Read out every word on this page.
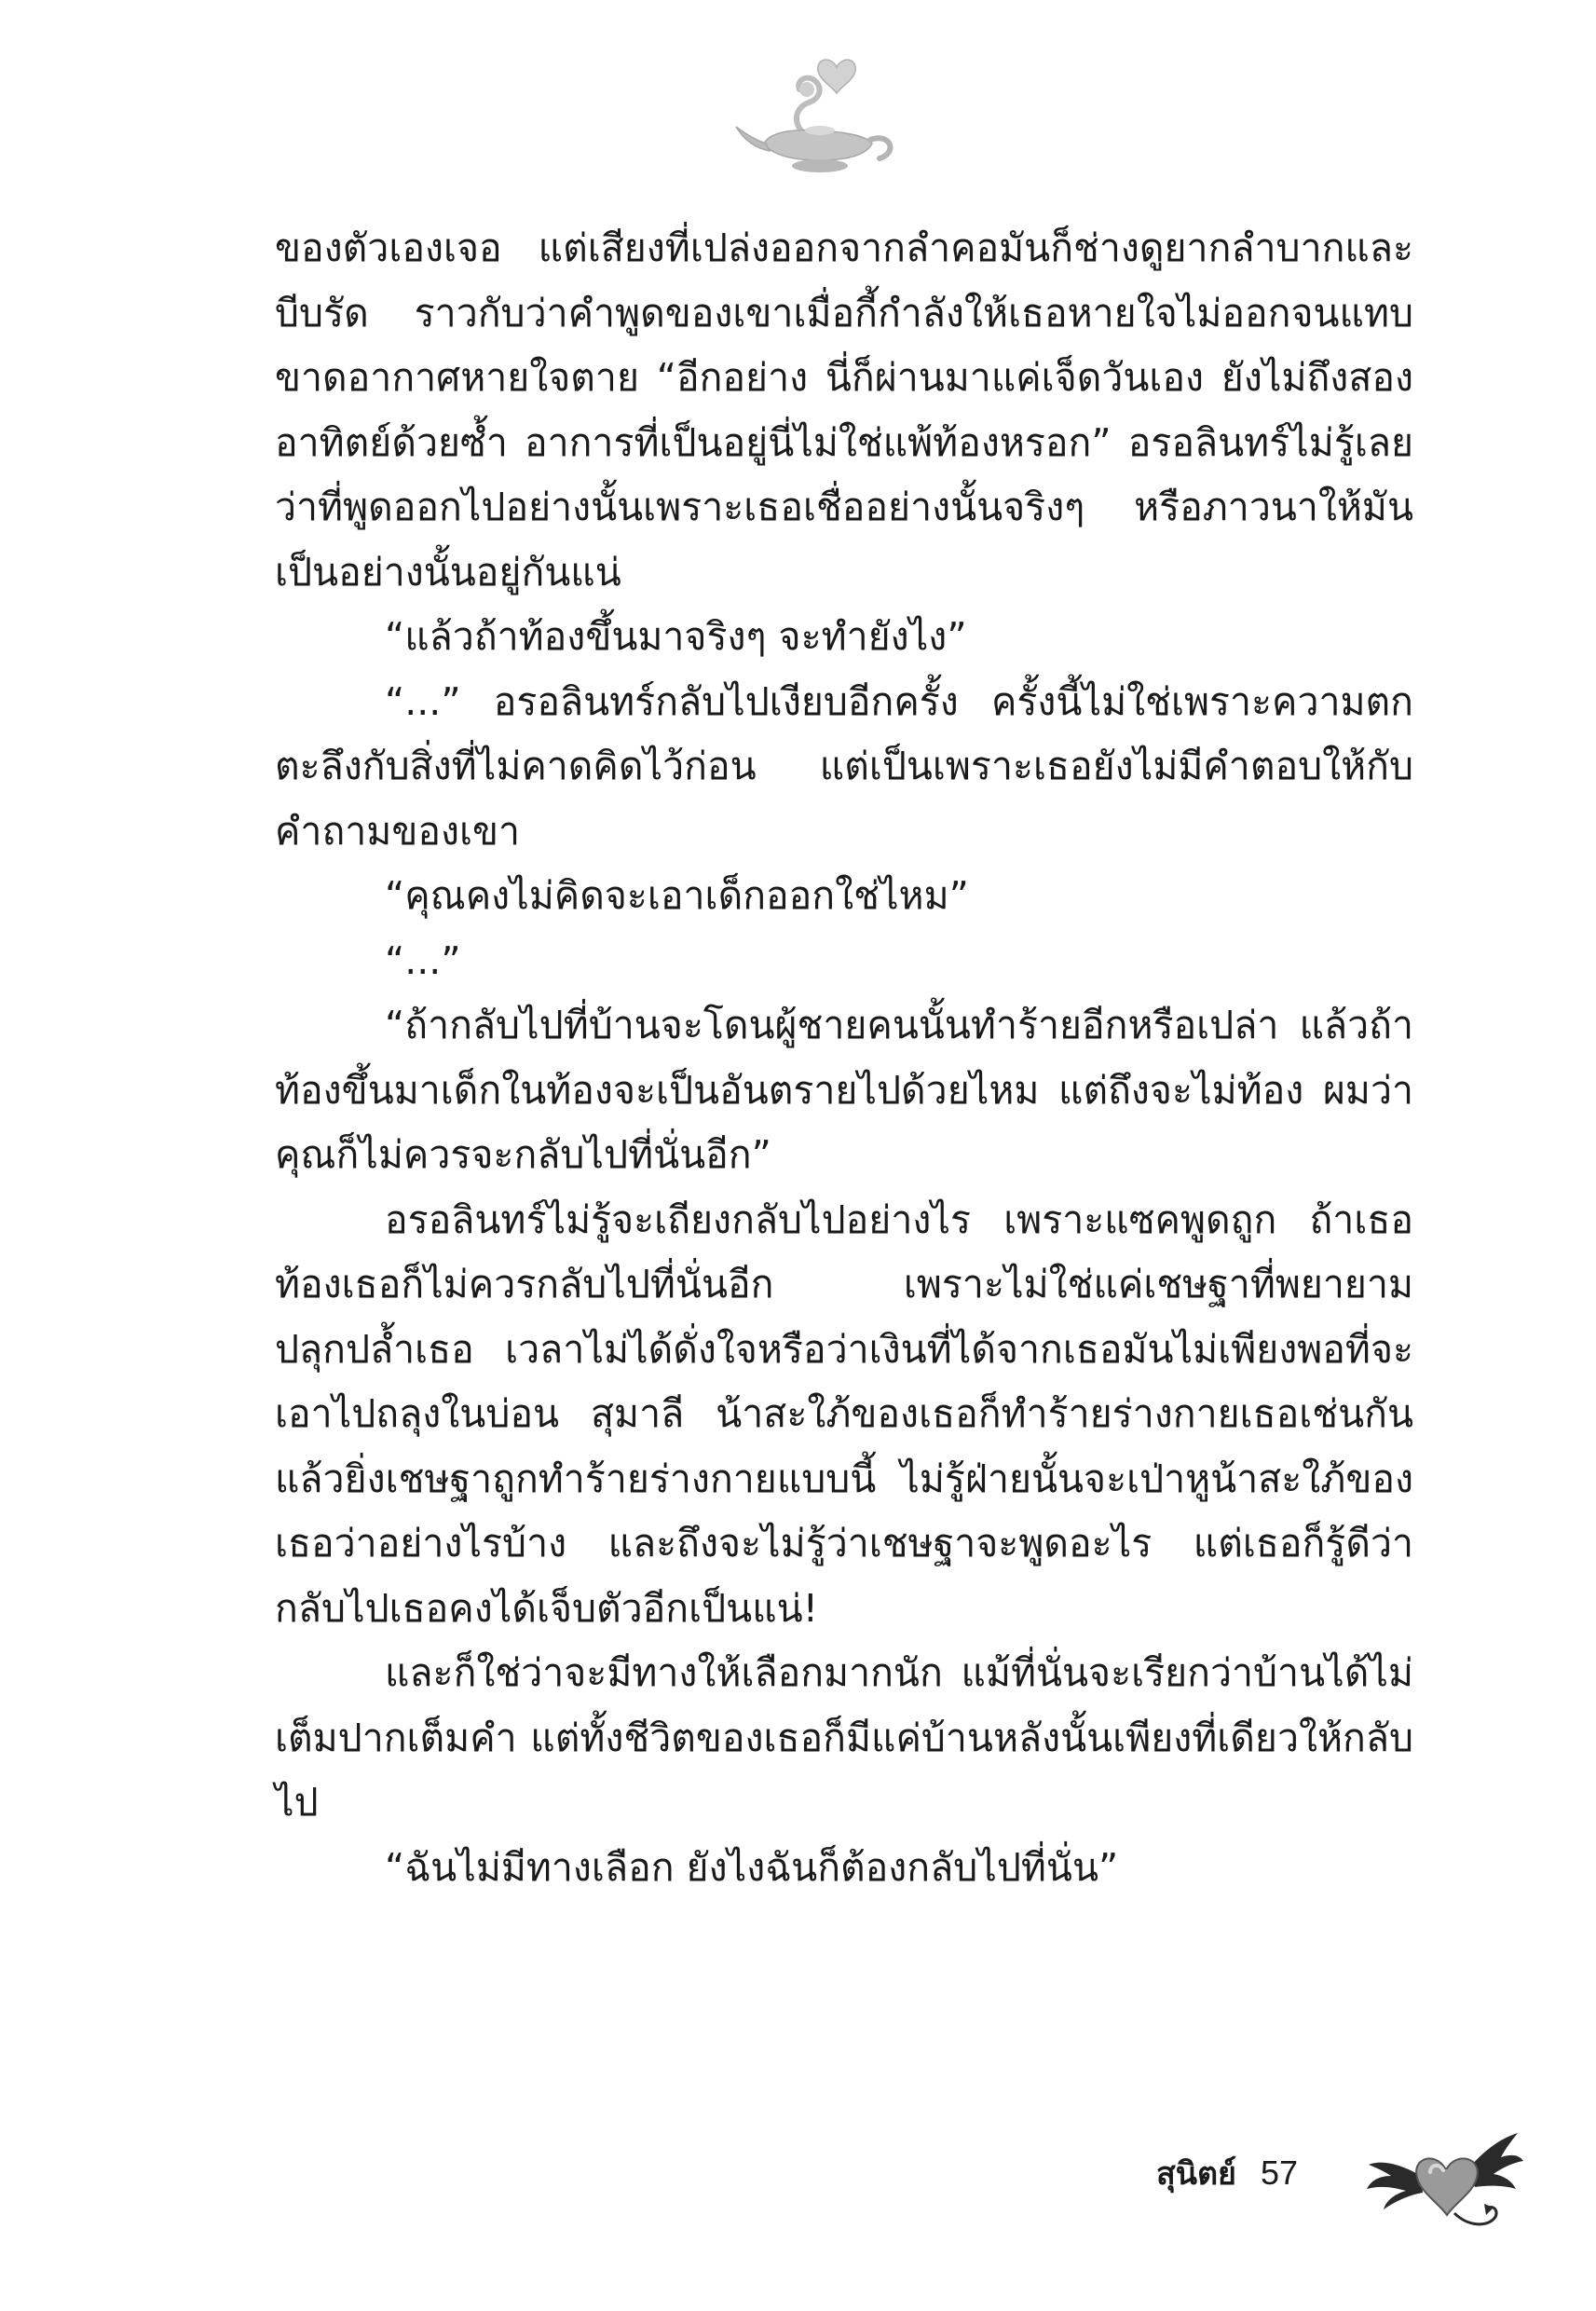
ของตัวเองเจอ แต่เสียงที่เปล่งออกจากลำคอมันก็ช่างดูยากลำบากและบีบรัด ราวกับว่าคำพูดของเขาเมื่อกี้กำลังให้เธอหายใจไม่ออกจนแทบขาดอากาศหายใจตาย “อีกอย่าง นี่ก็ผ่านมาแค่เจ็ดวันเอง ยังไม่ถึงสองอาทิตย์ด้วยซ้ำ อาการที่เป็นอยู่นี่ไม่ใช่แพ้ท้องหรอก” อรอลินทร์ไม่รู้เลยว่าที่พูดออกไปอย่างนั้นเพราะเธอเชื่ออย่างนั้นจริงๆ หรือภาวนาให้มันเป็นอย่างนั้นอยู่กันแน่

“แล้วถ้าท้องขึ้นมาจริงๆ จะทำยังไง”

“...” อรอลินทร์กลับไปเงียบอีกครั้ง ครั้งนี้ไม่ใช่เพราะความตกตะลึงกับสิ่งที่ไม่คาดคิดไว้ก่อน แต่เป็นเพราะเธอยังไม่มีคำตอบให้กับคำถามของเขา

“คุณคงไม่คิดจะเอาเด็กออกใช่ไหม”

“...”

“ถ้ากลับไปที่บ้านจะโดนผู้ชายคนนั้นทำร้ายอีกหรือเปล่า แล้วถ้าท้องขึ้นมาเด็กในท้องจะเป็นอันตรายไปด้วยไหม แต่ถึงจะไม่ท้อง ผมว่าคุณก็ไม่ควรจะกลับไปที่นั่นอีก”

อรอลินทร์ไม่รู้จะเถียงกลับไปอย่างไร เพราะแซคพูดถูก ถ้าเธอท้องเธอก็ไม่ควรกลับไปที่นั่นอีก เพราะไม่ใช่แค่เชษฐาที่พยายามปลุกปล้ำเธอ เวลาไม่ได้ดั่งใจหรือว่าเงินที่ได้จากเธอมันไม่เพียงพอที่จะเอาไปถลุงในบ่อน สุมาลี น้าสะใภ้ของเธอก็ทำร้ายร่างกายเธอเช่นกัน แล้วยิ่งเชษฐาถูกทำร้ายร่างกายแบบนี้ ไม่รู้ฝ่ายนั้นจะเป่าหูน้าสะใภ้ของเธอว่าอย่างไรบ้าง และถึงจะไม่รู้ว่าเชษฐาจะพูดอะไร แต่เธอก็รู้ดีว่ากลับไปเธอคงได้เจ็บตัวอีกเป็นแน่!

และก็ใช่ว่าจะมีทางให้เลือกมากนัก แม้ที่นั่นจะเรียกว่าบ้านได้ไม่เต็มปากเต็มคำ แต่ทั้งชีวิตของเธอก็มีแค่บ้านหลังนั้นเพียงที่เดียวให้กลับไป

“ฉันไม่มีทางเลือก ยังไงฉันก็ต้องกลับไปที่นั่น”

สุนิตย์ 57
